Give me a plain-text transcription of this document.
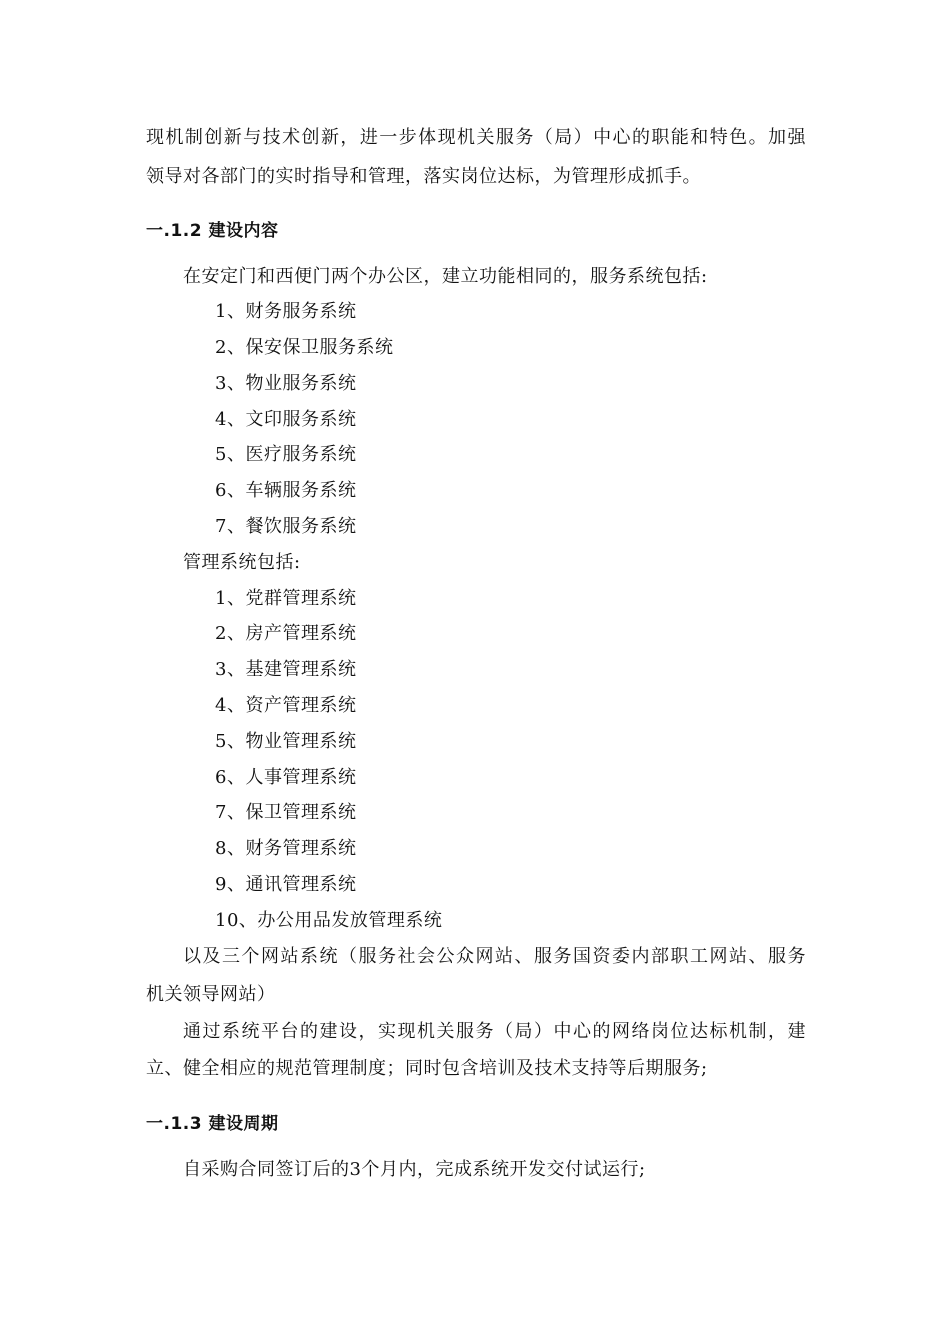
现机制创新与技术创新，进一步体现机关服务（局）中心的职能和特色。加强
领导对各部门的实时指导和管理，落实岗位达标，为管理形成抓手。
一.1.2 建设内容
在安定门和西便门两个办公区，建立功能相同的，服务系统包括:
1、财务服务系统
2、保安保卫服务系统
3、物业服务系统
4、文印服务系统
5、医疗服务系统
6、车辆服务系统
7、餐饮服务系统
管理系统包括:
1、党群管理系统
2、房产管理系统
3、基建管理系统
4、资产管理系统
5、物业管理系统
6、人事管理系统
7、保卫管理系统
8、财务管理系统
9、通讯管理系统
10、办公用品发放管理系统
以及三个网站系统（服务社会公众网站、服务国资委内部职工网站、服务
机关领导网站）
通过系统平台的建设，实现机关服务（局）中心的网络岗位达标机制，建
立、健全相应的规范管理制度；同时包含培训及技术支持等后期服务;
一.1.3 建设周期
自采购合同签订后的3个月内，完成系统开发交付试运行;
